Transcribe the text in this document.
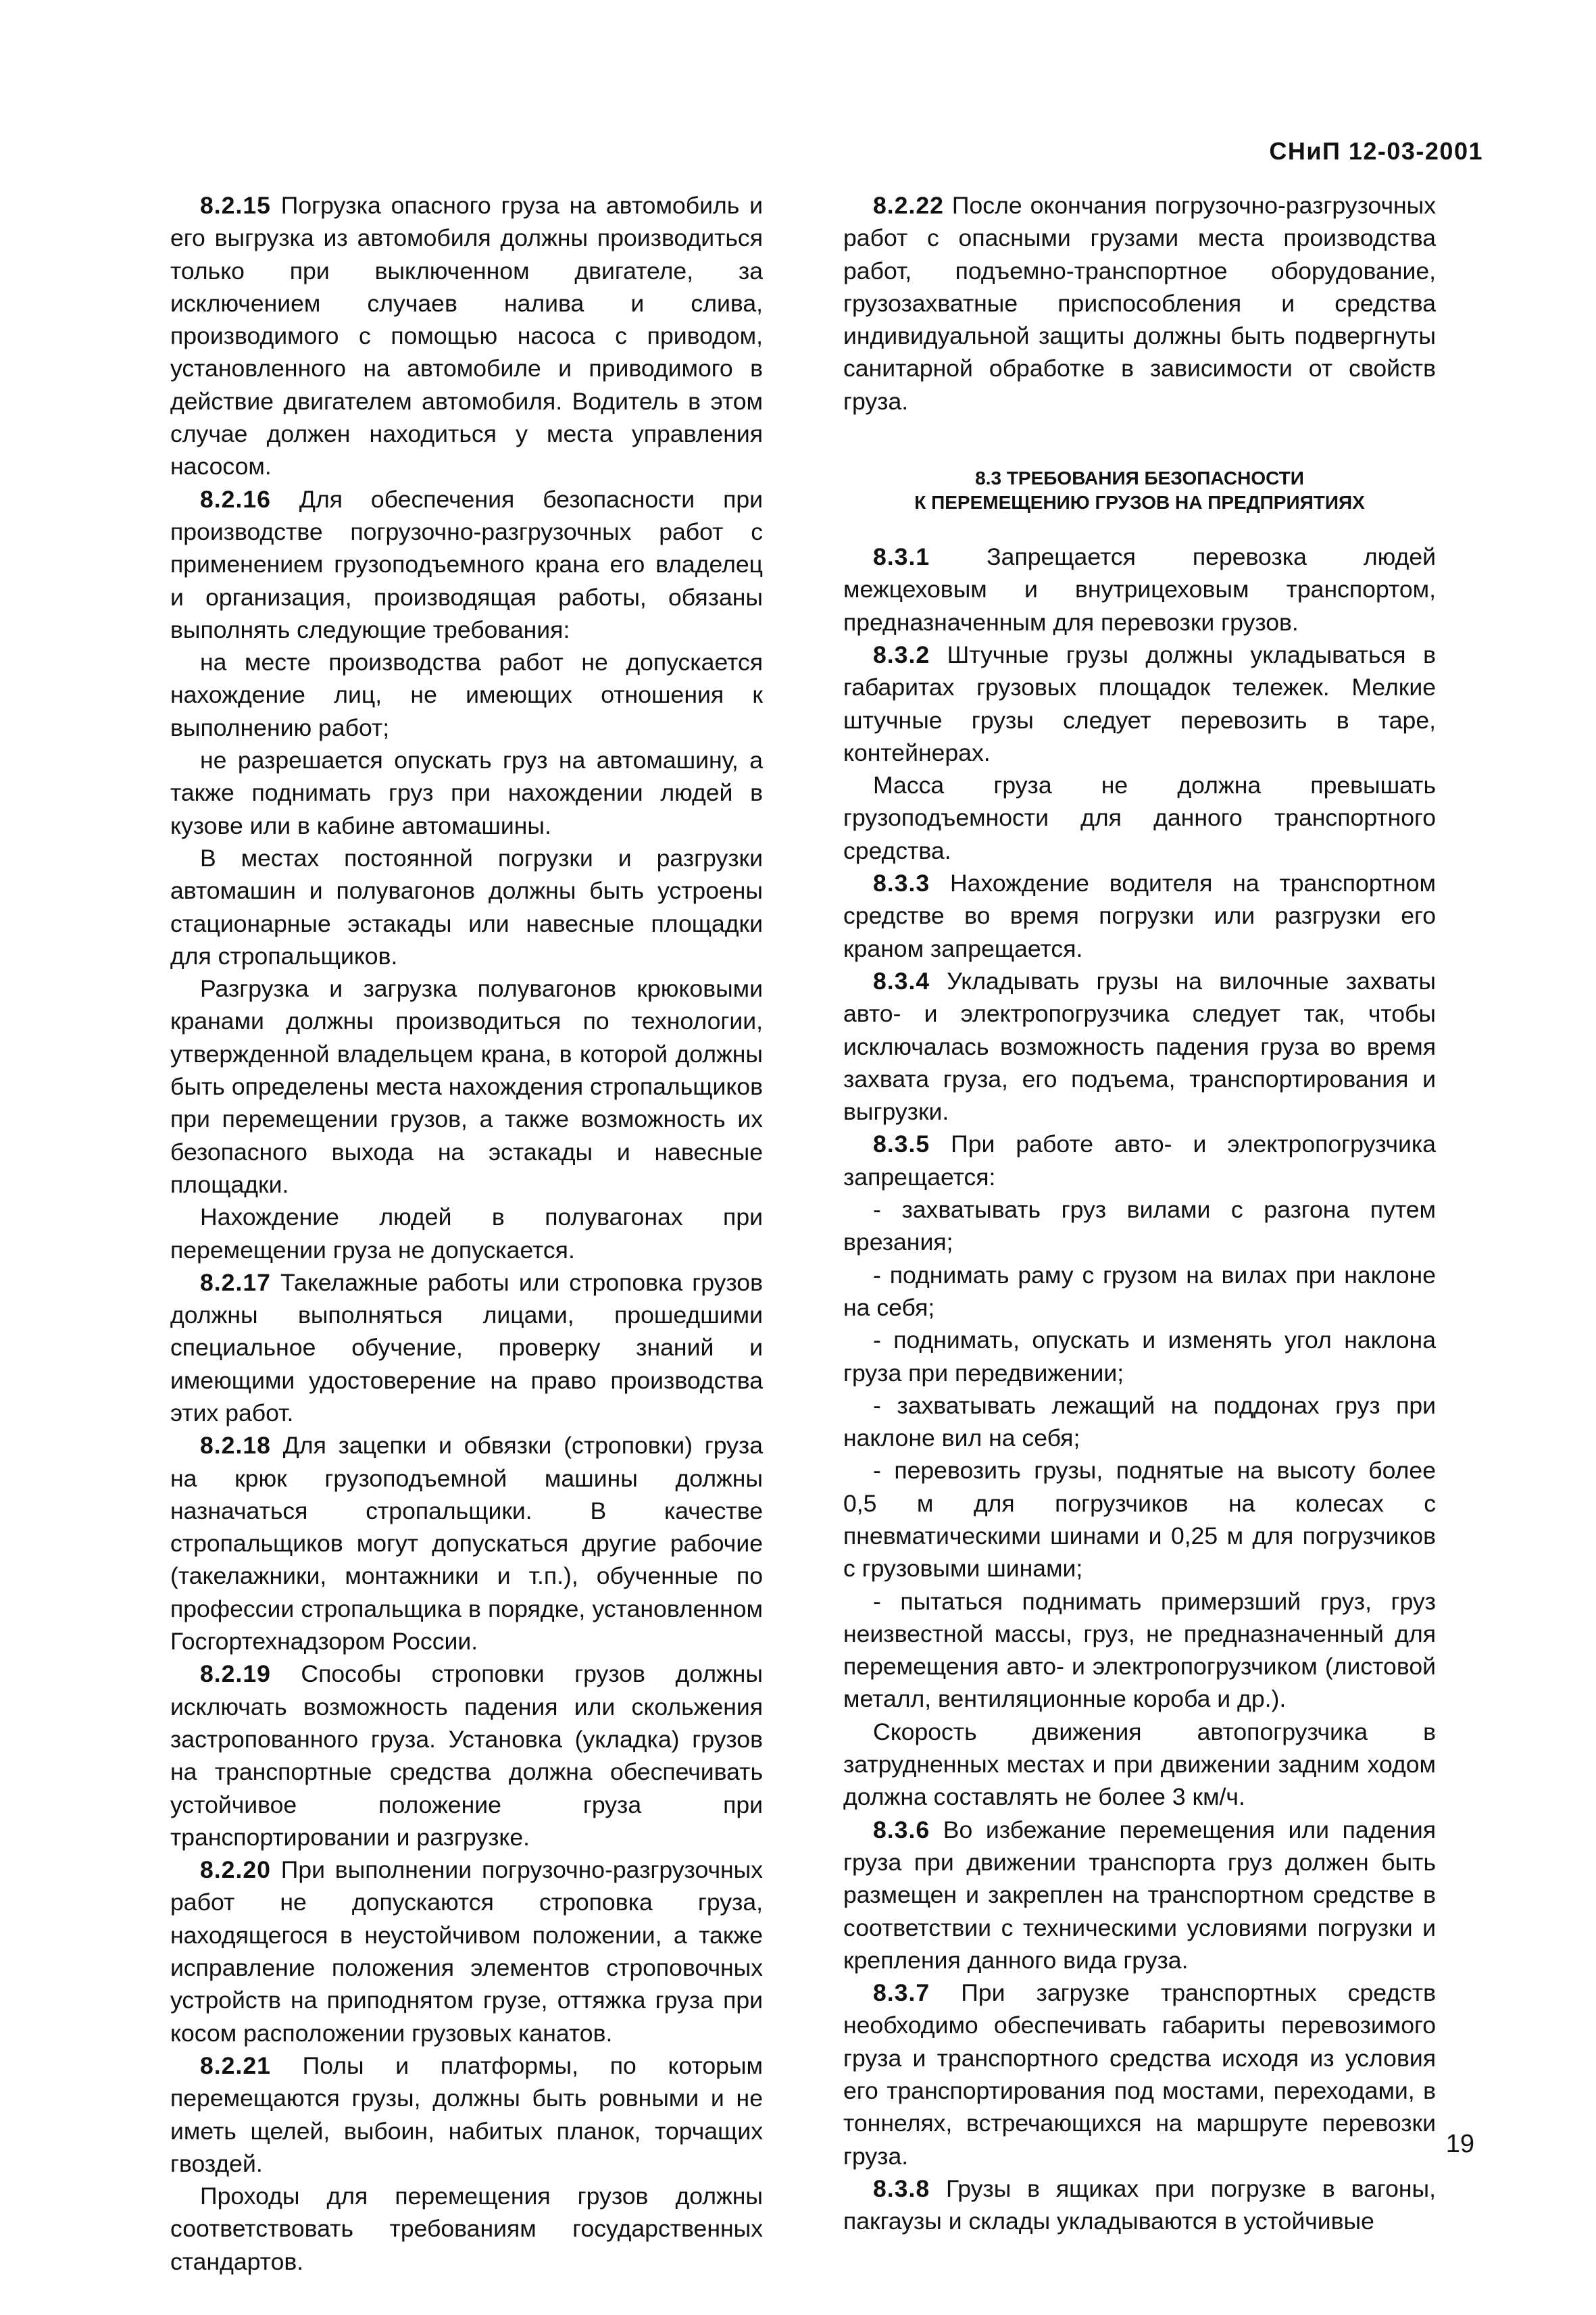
СНиП 12-03-2001

8.2.15 Погрузка опасного груза на автомобиль и его выгрузка из автомобиля должны производиться только при выключенном двигателе, за исключением случаев налива и слива, производимого с помощью насоса с приводом, установленного на автомобиле и приводимого в действие двигателем автомобиля. Водитель в этом случае должен находиться у места управления насосом.

8.2.16 Для обеспечения безопасности при производстве погрузочно-разгрузочных работ с применением грузоподъемного крана его владелец и организация, производящая работы, обязаны выполнять следующие требования:

на месте производства работ не допускается нахождение лиц, не имеющих отношения к выполнению работ;

не разрешается опускать груз на автомашину, а также поднимать груз при нахождении людей в кузове или в кабине автомашины.

В местах постоянной погрузки и разгрузки автомашин и полувагонов должны быть устроены стационарные эстакады или навесные площадки для стропальщиков.

Разгрузка и загрузка полувагонов крюковыми кранами должны производиться по технологии, утвержденной владельцем крана, в которой должны быть определены места нахождения стропальщиков при перемещении грузов, а также возможность их безопасного выхода на эстакады и навесные площадки.

Нахождение людей в полувагонах при перемещении груза не допускается.

8.2.17 Такелажные работы или строповка грузов должны выполняться лицами, прошедшими специальное обучение, проверку знаний и имеющими удостоверение на право производства этих работ.

8.2.18 Для зацепки и обвязки (строповки) груза на крюк грузоподъемной машины должны назначаться стропальщики. В качестве стропальщиков могут допускаться другие рабочие (такелажники, монтажники и т.п.), обученные по профессии стропальщика в порядке, установленном Госгортехнадзором России.

8.2.19 Способы строповки грузов должны исключать возможность падения или скольжения застропованного груза. Установка (укладка) грузов на транспортные средства должна обеспечивать устойчивое положение груза при транспортировании и разгрузке.

8.2.20 При выполнении погрузочно-разгрузочных работ не допускаются строповка груза, находящегося в неустойчивом положении, а также исправление положения элементов строповочных устройств на приподнятом грузе, оттяжка груза при косом расположении грузовых канатов.

8.2.21 Полы и платформы, по которым перемещаются грузы, должны быть ровными и не иметь щелей, выбоин, набитых планок, торчащих гвоздей.

Проходы для перемещения грузов должны соответствовать требованиям государственных стандартов.

8.2.22 После окончания погрузочно-разгрузочных работ с опасными грузами места производства работ, подъемно-транспортное оборудование, грузозахватные приспособления и средства индивидуальной защиты должны быть подвергнуты санитарной обработке в зависимости от свойств груза.

8.3 ТРЕБОВАНИЯ БЕЗОПАСНОСТИ
К ПЕРЕМЕЩЕНИЮ ГРУЗОВ НА ПРЕДПРИЯТИЯХ

8.3.1 Запрещается перевозка людей межцеховым и внутрицеховым транспортом, предназначенным для перевозки грузов.

8.3.2 Штучные грузы должны укладываться в габаритах грузовых площадок тележек. Мелкие штучные грузы следует перевозить в таре, контейнерах.

Масса груза не должна превышать грузоподъемности для данного транспортного средства.

8.3.3 Нахождение водителя на транспортном средстве во время погрузки или разгрузки его краном запрещается.

8.3.4 Укладывать грузы на вилочные захваты авто- и электропогрузчика следует так, чтобы исключалась возможность падения груза во время захвата груза, его подъема, транспортирования и выгрузки.

8.3.5 При работе авто- и электропогрузчика запрещается:

- захватывать груз вилами с разгона путем врезания;

- поднимать раму с грузом на вилах при наклоне на себя;

- поднимать, опускать и изменять угол наклона груза при передвижении;

- захватывать лежащий на поддонах груз при наклоне вил на себя;

- перевозить грузы, поднятые на высоту более 0,5 м для погрузчиков на колесах с пневматическими шинами и 0,25 м для погрузчиков с грузовыми шинами;

- пытаться поднимать примерзший груз, груз неизвестной массы, груз, не предназначенный для перемещения авто- и электропогрузчиком (листовой металл, вентиляционные короба и др.).

Скорость движения автопогрузчика в затрудненных местах и при движении задним ходом должна составлять не более 3 км/ч.

8.3.6 Во избежание перемещения или падения груза при движении транспорта груз должен быть размещен и закреплен на транспортном средстве в соответствии с техническими условиями погрузки и крепления данного вида груза.

8.3.7 При загрузке транспортных средств необходимо обеспечивать габариты перевозимого груза и транспортного средства исходя из условия его транспортирования под мостами, переходами, в тоннелях, встречающихся на маршруте перевозки груза.

8.3.8 Грузы в ящиках при погрузке в вагоны, пакгаузы и склады укладываются в устойчивые

19
